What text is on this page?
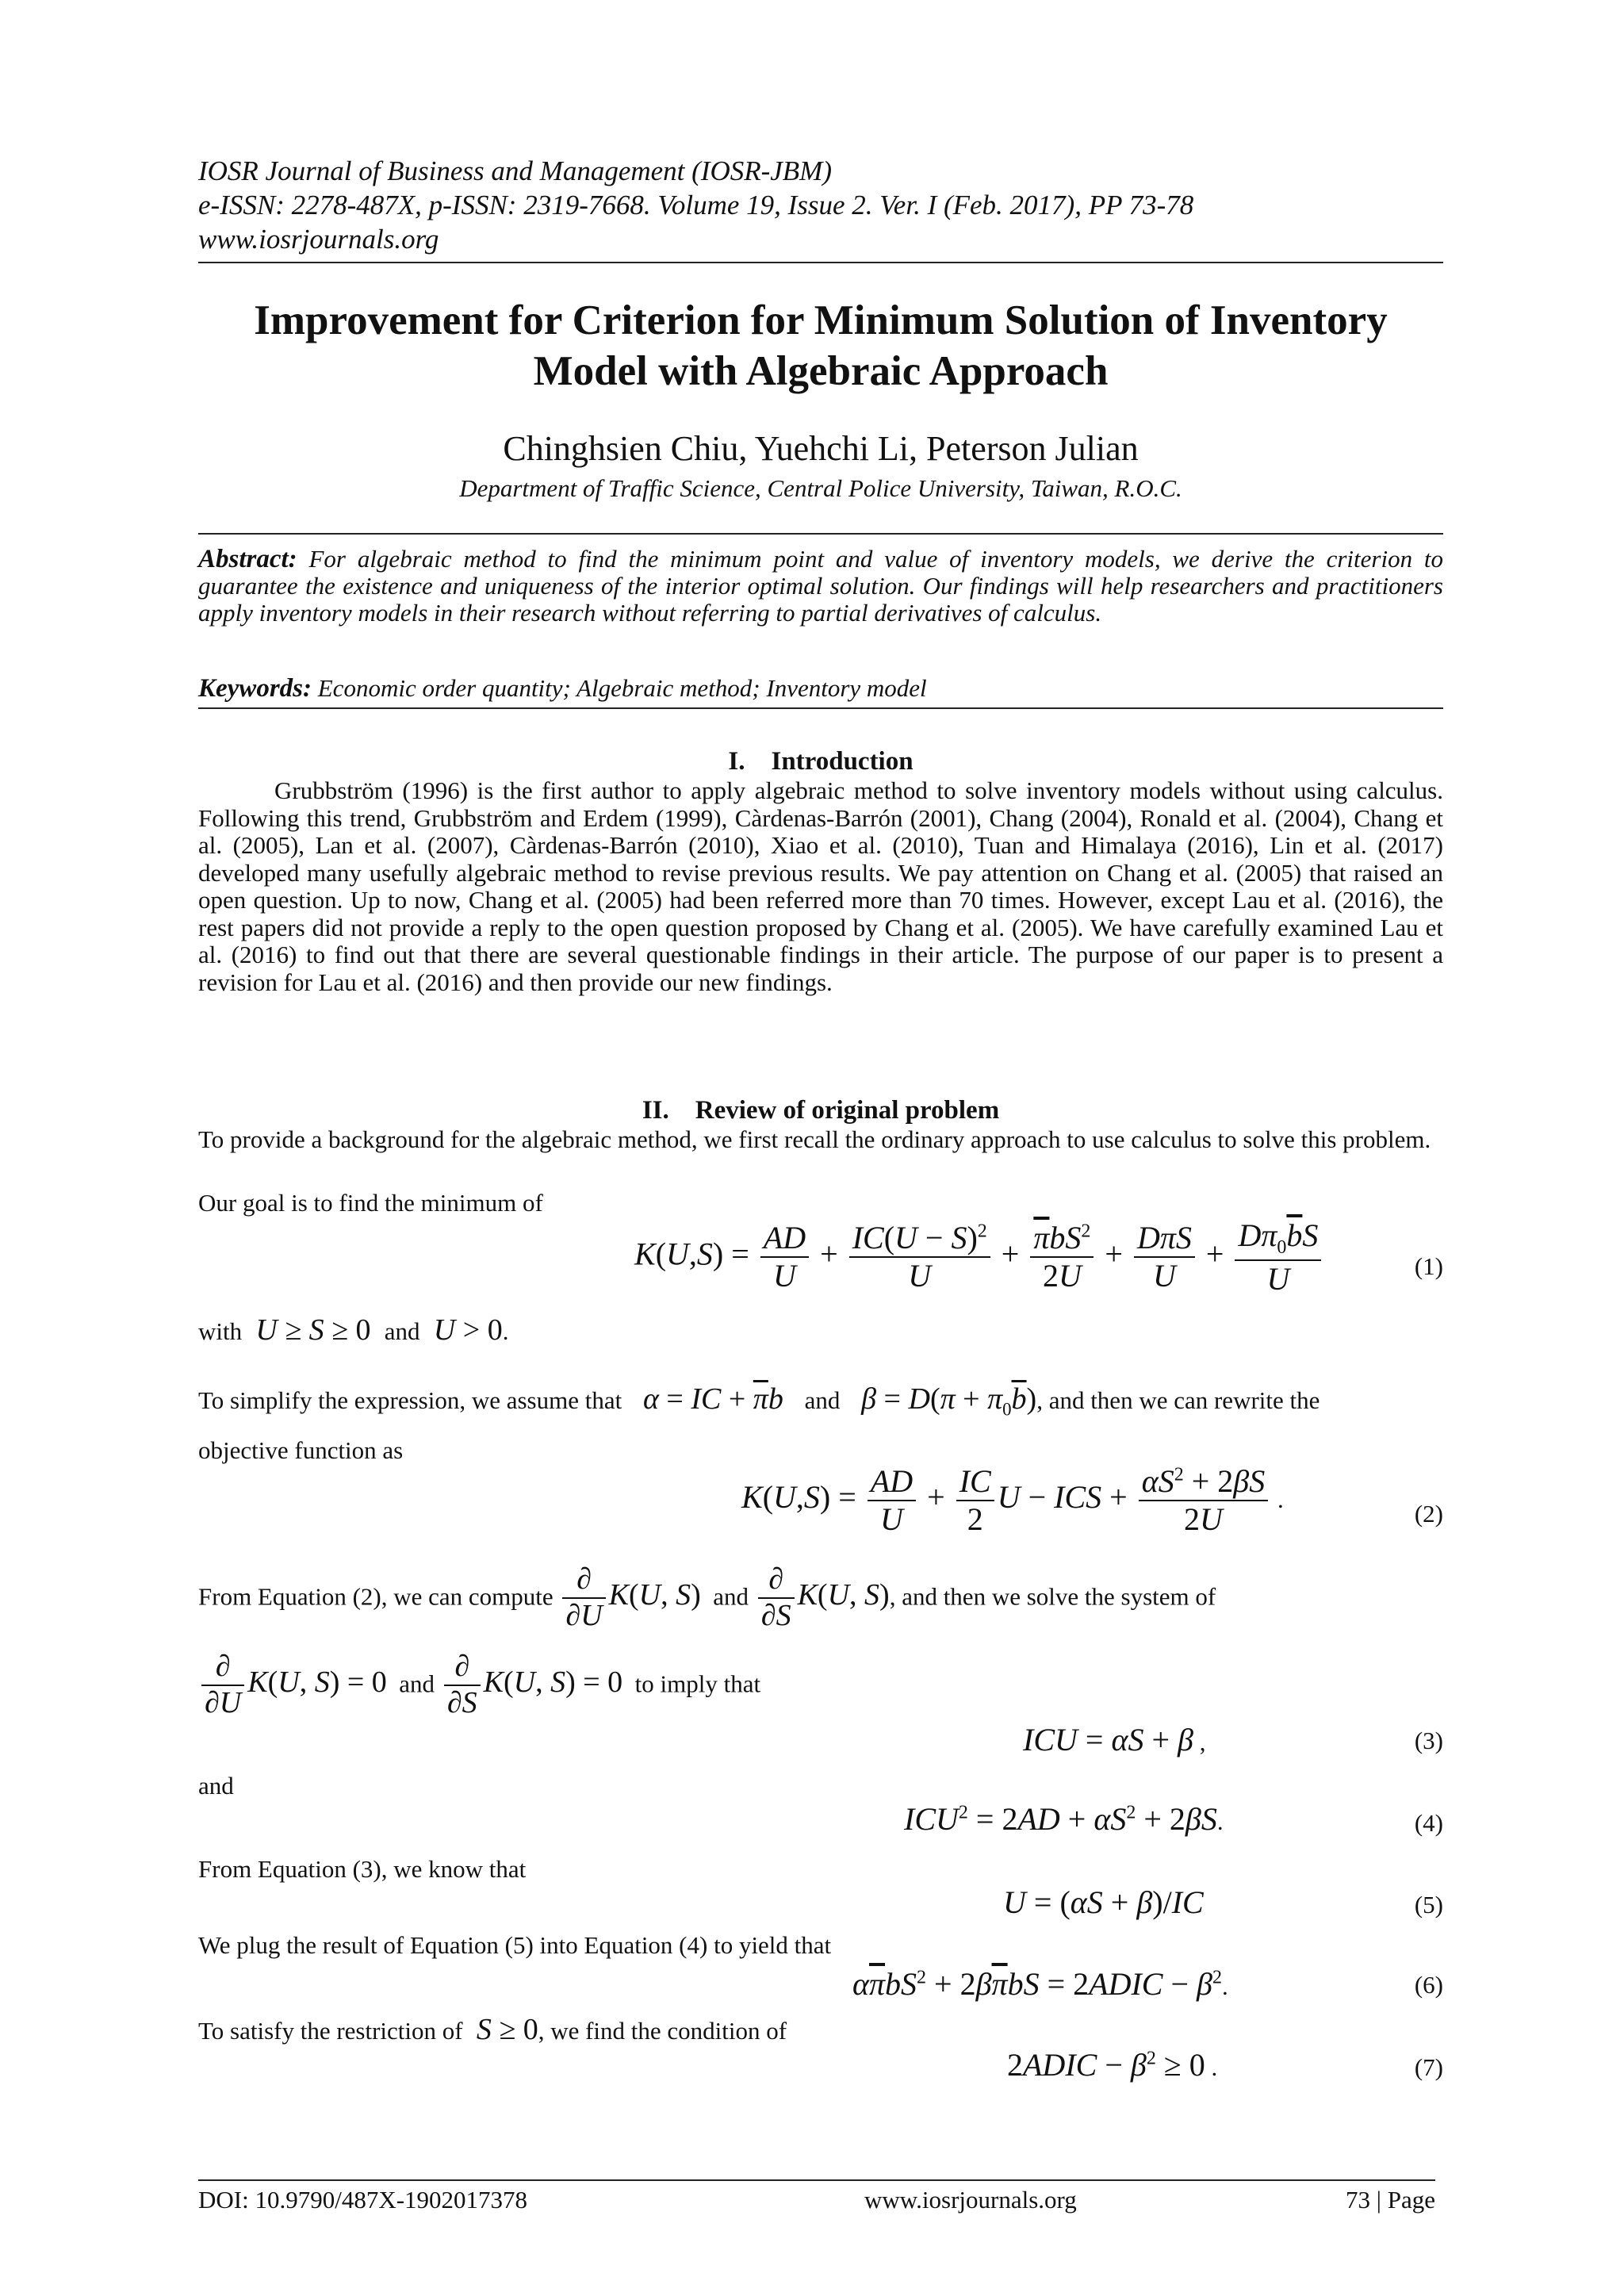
IOSR Journal of Business and Management (IOSR-JBM)
e-ISSN: 2278-487X, p-ISSN: 2319-7668. Volume 19, Issue 2. Ver. I (Feb. 2017), PP 73-78
www.iosrjournals.org
Improvement for Criterion for Minimum Solution of Inventory
Model with Algebraic Approach
Chinghsien Chiu, Yuehchi Li, Peterson Julian
Department of Traffic Science, Central Police University, Taiwan, R.O.C.
Abstract: For algebraic method to find the minimum point and value of inventory models, we derive the criterion to guarantee the existence and uniqueness of the interior optimal solution. Our findings will help researchers and practitioners apply inventory models in their research without referring to partial derivatives of calculus.
Keywords: Economic order quantity; Algebraic method; Inventory model
I. Introduction

Grubbström (1996) is the first author to apply algebraic method to solve inventory models without using calculus. Following this trend, Grubbström and Erdem (1999), Càrdenas-Barrón (2001), Chang (2004), Ronald et al. (2004), Chang et al. (2005), Lan et al. (2007), Càrdenas-Barrón (2010), Xiao et al. (2010), Tuan and Himalaya (2016), Lin et al. (2017) developed many usefully algebraic method to revise previous results. We pay attention on Chang et al. (2005) that raised an open question. Up to now, Chang et al. (2005) had been referred more than 70 times. However, except Lau et al. (2016), the rest papers did not provide a reply to the open question proposed by Chang et al. (2005). We have carefully examined Lau et al. (2016) to find out that there are several questionable findings in their article. The purpose of our paper is to present a revision for Lau et al. (2016) and then provide our new findings.

II. Review of original problem

To provide a background for the algebraic method, we first recall the ordinary approach to use calculus to solve this problem.

Our goal is to find the minimum of
$K(U,S) = \frac{AD}{U} + \frac{IC(U - S)^2}{U} + \frac{\overline{\pi}bS^2}{2U} + \frac{\text{DπS}}{U} + \frac{D\pi_0\overline{b}S}{U}$	(1)
with  U ≥ S ≥ 0 and  U > 0.
To simplify the expression, we assume that   α = IC + $\overline{\pi}b$   and   $\beta = D(\pi + \pi_0\overline{b})$, and then we can rewrite the
objective function as
$K(U,S) = \frac{AD}{U} + \frac{IC}{2}$ U − ICS + $\frac{\alpha S^2 + 2\beta S}{2U}$ .
(2)
From Equation (2), we can compute $\frac{\partial}{\partial U} K(U$, S) and $\frac{\partial}{\partial S} K(U$, S), and then we solve the system of
$\frac{\partial}{\partial U} K(U$, S) = 0 and $\frac{\partial}{\partial S} K(U$, S) = 0 to imply that
ICU = αS + β ,	(3)
and
$ICU^2 = 2AD + \alpha S^2 + 2\beta S$.	(4)
From Equation (3), we know that
U = (αS + β)/IC	(5)
We plug the result of Equation (5) into Equation (4) to yield that
$\alpha\overline{\pi}bS^2 + 2\beta\overline{\pi}bS$ = 2ADIC − $\beta^2$.	(6)
To satisfy the restriction of  S ≥ 0, we find the condition of
2ADIC − $\beta^2 \ge 0$ .	(7)
DOI: 10.9790/487X-1902017378	www.iosrjournals.org	73 | Page
